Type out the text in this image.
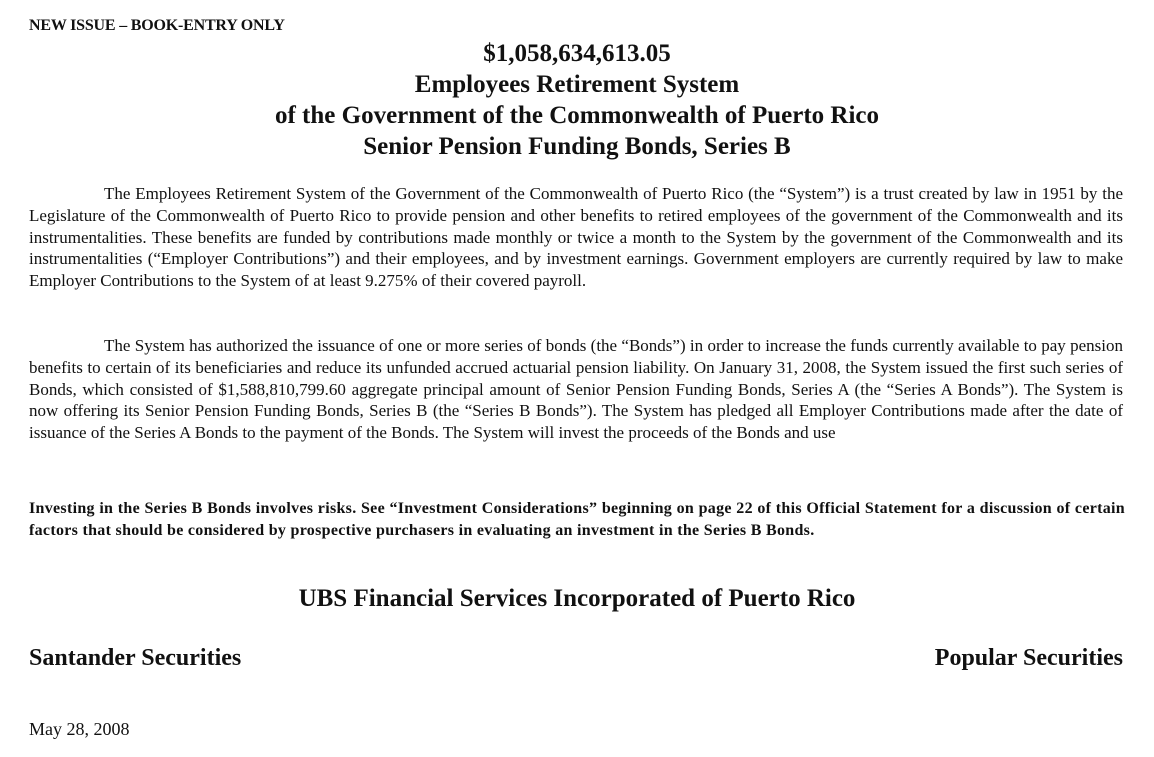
NEW ISSUE – BOOK-ENTRY ONLY
$1,058,634,613.05
Employees Retirement System
of the Government of the Commonwealth of Puerto Rico
Senior Pension Funding Bonds, Series B

The Employees Retirement System of the Government of the Commonwealth of Puerto Rico (the “System”) is a trust created by law in 1951 by the Legislature of the Commonwealth of Puerto Rico to provide pension and other benefits to retired employees of the government of the Commonwealth and its instrumentalities. These benefits are funded by contributions made monthly or twice a month to the System by the government of the Commonwealth and its instrumentalities (“Employer Contributions”) and their employees, and by investment earnings. Government employers are currently required by law to make Employer Contributions to the System of at least 9.275% of their covered payroll.

The System has authorized the issuance of one or more series of bonds (the “Bonds”) in order to increase the funds currently available to pay pension benefits to certain of its beneficiaries and reduce its unfunded accrued actuarial pension liability. On January 31, 2008, the System issued the first such series of Bonds, which consisted of $1,588,810,799.60 aggregate principal amount of Senior Pension Funding Bonds, Series A (the “Series A Bonds”). The System is now offering its Senior Pension Funding Bonds, Series B (the “Series B Bonds”). The System has pledged all Employer Contributions made after the date of issuance of the Series A Bonds to the payment of the Bonds. The System will invest the proceeds of the Bonds and use

Investing in the Series B Bonds involves risks. See “Investment Considerations” beginning on page 22 of this Official Statement for a discussion of certain factors that should be considered by prospective purchasers in evaluating an investment in the Series B Bonds.
UBS Financial Services Incorporated of Puerto Rico
Santander Securities	Popular Securities
May 28, 2008
